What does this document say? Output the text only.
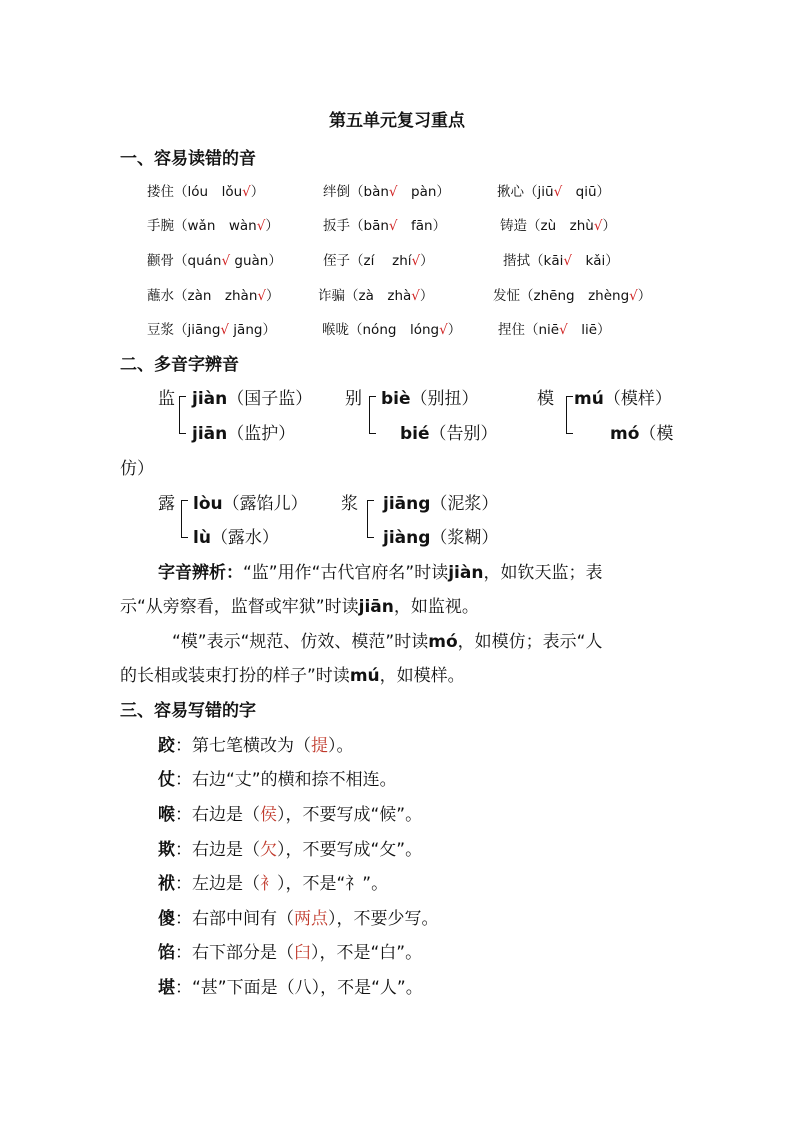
第五单元复习重点
一、容易读错的音
搂住（lóu　lǒu√）	绊倒（bàn√　pàn）	揪心（jiū√　qiū）
手腕（wǎn　wàn√）	扳手（bān√　fān）	铸造（zù　zhù√）
颧骨（quán√ guàn）	侄子（zí　 zhí√）	揩拭（kāi√　kǎi）
蘸水（zàn　zhàn√）	诈骗（zà　zhà√）	发怔（zhēng　zhèng√）
豆浆（jiāng√ jāng）	喉咙（nóng　lóng√）	捏住（niē√　liē）
二、多音字辨音
监 jiàn（国子监）
jiān（监护）
别 biè（别扭）
bié（告别）
模 mú（模样）
mó（模
仿）
露 lòu（露馅儿）
lù（露水）
浆 jiāng（泥浆）
jiàng（浆糊）
字音辨析：“监”用作“古代官府名”时读jiàn，如钦天监；表
示“从旁察看，监督或牢狱”时读jiān，如监视。
“模”表示“规范、仿效、模范”时读mó，如模仿；表示“人
的长相或装束打扮的样子”时读mú，如模样。
三、容易写错的字
跤：第七笔横改为（提）。
仗：右边“丈”的横和捺不相连。
喉：右边是（侯），不要写成“候”。
欺：右边是（欠），不要写成“攵”。
袱：左边是（衤），不是“礻”。
傻：右部中间有（两点），不要少写。
馅：右下部分是（臼），不是“白”。
堪：“甚”下面是（八），不是“人”。
